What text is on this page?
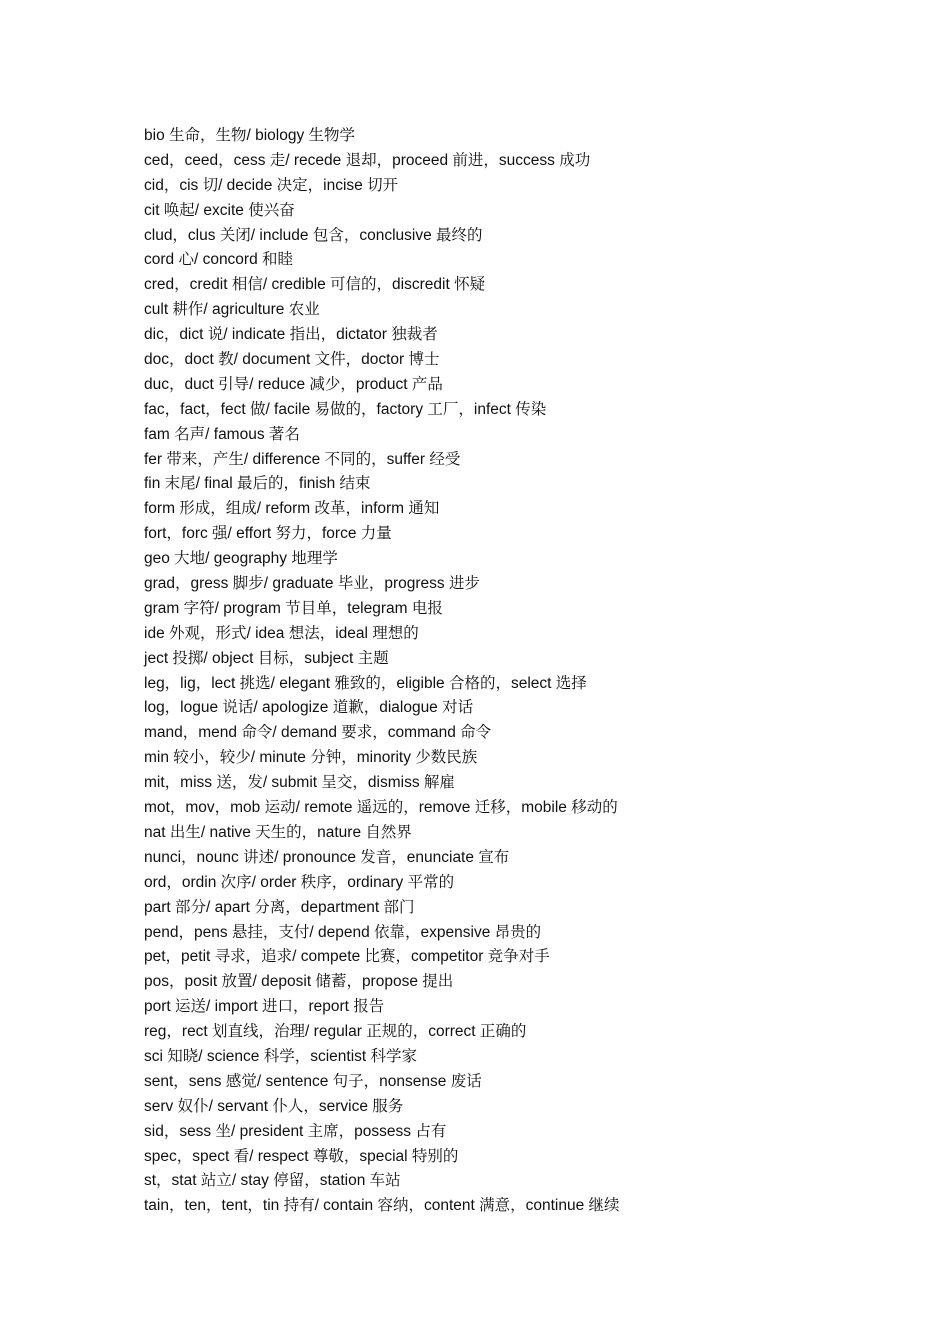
bio 生命，生物/ biology 生物学
ced，ceed，cess 走/ recede 退却，proceed 前进，success 成功
cid，cis 切/ decide 决定，incise 切开
cit 唤起/ excite 使兴奋
clud，clus 关闭/ include 包含，conclusive 最终的
cord 心/ concord 和睦
cred，credit 相信/ credible 可信的，discredit 怀疑
cult 耕作/ agriculture 农业
dic，dict 说/ indicate 指出，dictator 独裁者
doc，doct 教/ document 文件，doctor 博士
duc，duct 引导/ reduce 减少，product 产品
fac，fact，fect 做/ facile 易做的，factory 工厂，infect 传染
fam 名声/ famous 著名
fer 带来，产生/ difference 不同的，suffer 经受
fin 末尾/ final 最后的，finish 结束
form 形成，组成/ reform 改革，inform 通知
fort，forc 强/ effort 努力，force 力量
geo 大地/ geography 地理学
grad，gress 脚步/ graduate 毕业，progress 进步
gram 字符/ program 节目单，telegram 电报
ide 外观，形式/ idea 想法，ideal 理想的
ject 投掷/ object 目标，subject 主题
leg，lig，lect 挑选/ elegant 雅致的，eligible 合格的，select 选择
log，logue 说话/ apologize 道歉，dialogue 对话
mand，mend 命令/ demand 要求，command 命令
min 较小，较少/ minute 分钟，minority 少数民族
mit，miss 送，发/ submit 呈交，dismiss 解雇
mot，mov，mob 运动/ remote 遥远的，remove 迁移，mobile 移动的
nat 出生/ native 天生的，nature 自然界
nunci，nounc 讲述/ pronounce 发音，enunciate 宣布
ord，ordin 次序/ order 秩序，ordinary 平常的
part 部分/ apart 分离，department 部门
pend，pens 悬挂，支付/ depend 依靠，expensive 昂贵的
pet，petit 寻求，追求/ compete 比赛，competitor 竞争对手
pos，posit 放置/ deposit 储蓄，propose 提出
port 运送/ import 进口，report 报告
reg，rect 划直线，治理/ regular 正规的，correct 正确的
sci 知晓/ science 科学，scientist 科学家
sent，sens 感觉/ sentence 句子，nonsense 废话
serv 奴仆/ servant 仆人，service 服务
sid，sess 坐/ president 主席，possess 占有
spec，spect 看/ respect 尊敬，special 特别的
st，stat 站立/ stay 停留，station 车站
tain，ten，tent，tin 持有/ contain 容纳，content 满意，continue 继续
